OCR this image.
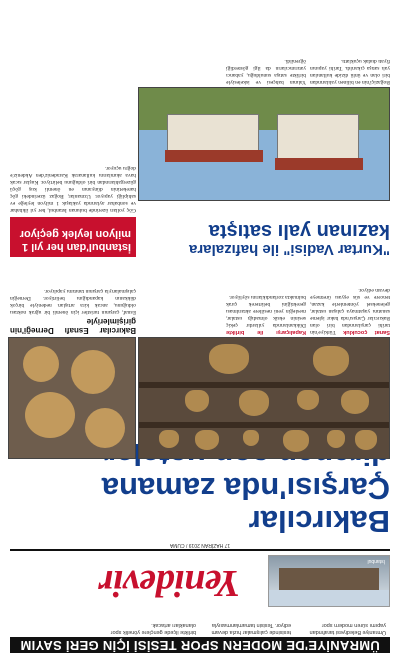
ÜMRANİYE'DE MODERN SPOR TESİSİ İÇİN GERİ SAYIM
Ümraniye Belediyesi tarafından yapımı süren modern spor tesisinde çalışmalar hızla devam ediyor. Tesisin tamamlanmasıyla birlikte ilçede gençlere yönelik spor olanakları artacak.
İstanbul
Yenidevir
17 HAZİRAN 2019 / CUMA
Bakırcılar
Çarşısı'nda zamana
Sanat çocukluk Türkiye'nin tarihi çarşılarından biri olan Bakırcılar Çarşısı'nda bakır işleme sanatını yaşatmaya çalışan ustalar, geleneksel yöntemlerle kazan, tencere ve süs eşyası üretmeye devam ediyor.
Kapalıçarşı ile birlikte Dükkanlarında yıllardır çekiç sesinin eksik olmadığı ustalar, mesleğin yeni nesillere aktarılması gerektiğini belirterek çırak bulmakta zorlandıklarını söylüyor.
Bakırcılar Esnafı Derneği'nin girişimleriyle
Esnaf, çarşının turistler için önemli bir uğrak noktası olduğunu, ancak kira artışları nedeniyle birçok dükkanın kapandığını belirtiyor. Derneğin çalışmalarıyla çarşının tanıtımı yapılıyor.
"Kurtar Vadisi" ile hafızalara
kazınan yalı satışta
İstanbul'dan her yıl 1 milyon leylek geçiyor
Göç yolları üzerinde bulunan İstanbul, her yıl ilkbahar ve sonbahar aylarında yaklaşık 1 milyon leyleğe ev sahipliği yapıyor. Uzmanlar, Boğaz üzerindeki göç hareketinin dünyanın en önemli kuş göçü güzergahlarından biri olduğunu belirtiyor. Kuşlar sıcak hava akımlarını kullanarak Karadeniz'den Akdeniz'e doğru uçuyor.
Boğaziçi'nin en bilinen yalılarından biri olan ve ünlü dizide kullanılan yalı satışa çıkarıldı. Tarihi yapının fiyatı dudak uçuklattı.
Yalının bahçesi ve iskelesiyle birlikte satışa sunulduğu, yabancı yatırımcıların da ilgi gösterdiği öğrenildi.
